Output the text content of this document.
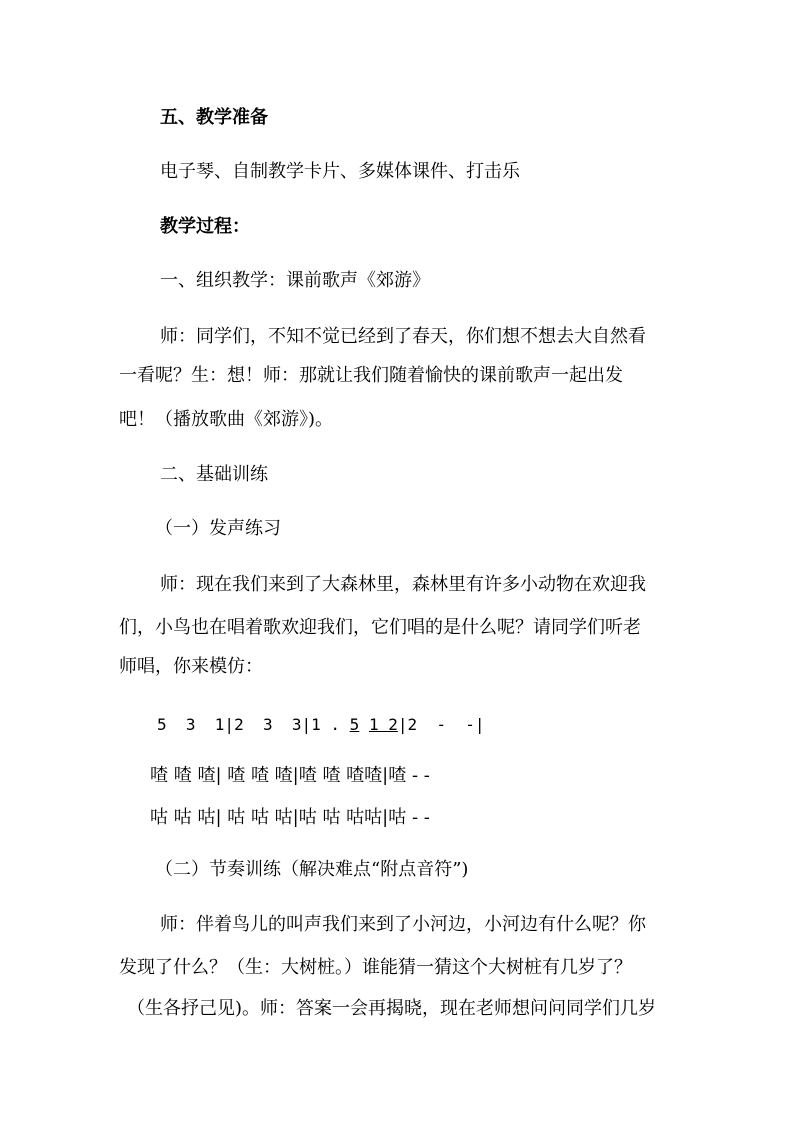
五、教学准备

电子琴、自制教学卡片、多媒体课件、打击乐

教学过程：

一、组织教学：课前歌声《郊游》

师：同学们，不知不觉已经到了春天，你们想不想去大自然看

一看呢？生：想！师：那就让我们随着愉快的课前歌声一起出发

吧！（播放歌曲《郊游》)。

二、基础训练

（一）发声练习

师：现在我们来到了大森林里，森林里有许多小动物在欢迎我

们，小鸟也在唱着歌欢迎我们，它们唱的是什么呢？请同学们听老

师唱，你来模仿：

5  3  1|2  3  3|1 . 5 1 2|2  -  -|

喳 喳 喳| 喳 喳 喳|喳 喳 喳喳|喳 - -

咕 咕 咕| 咕 咕 咕|咕 咕 咕咕|咕 - -

（二）节奏训练（解决难点“附点音符”)

师：伴着鸟儿的叫声我们来到了小河边，小河边有什么呢？你

发现了什么？（生：大树桩。）谁能猜一猜这个大树桩有几岁了？

（生各抒己见)。师：答案一会再揭晓，现在老师想问问同学们几岁
